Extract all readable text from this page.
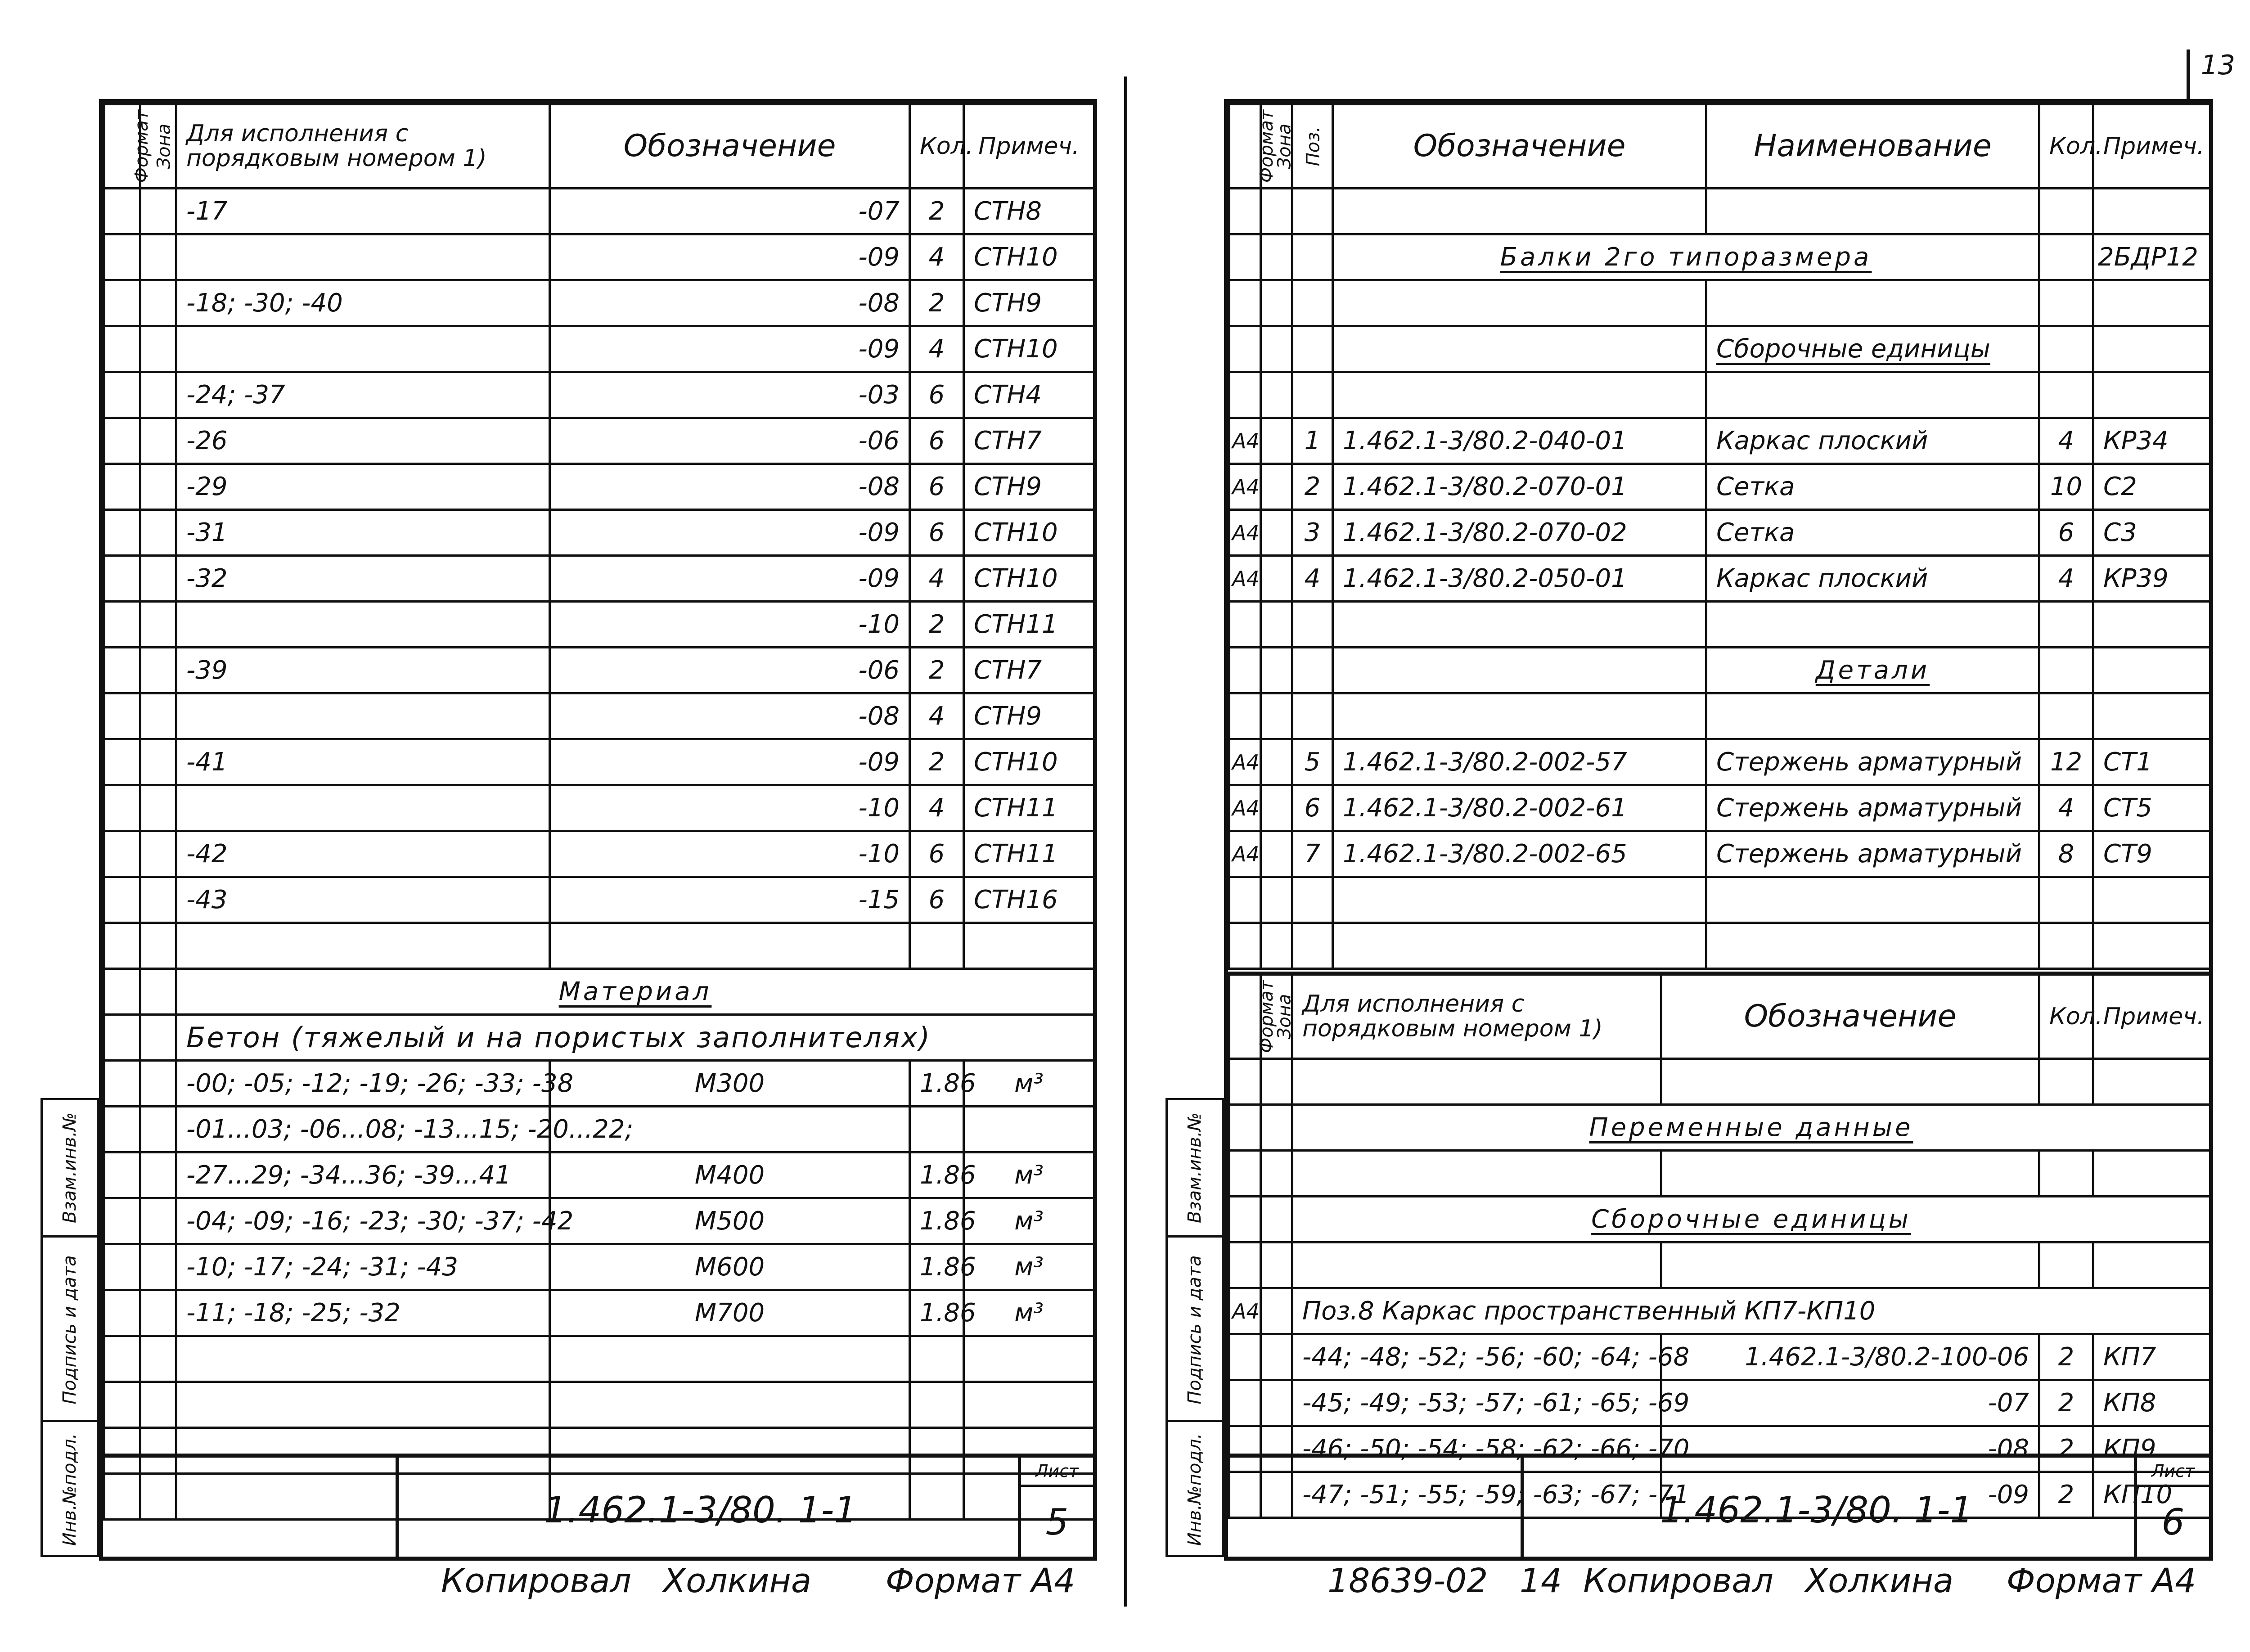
13
Формат	Зона	Для исполнения с порядковым номером 1)	Обозначение	Кол.	Примеч.
		-17	-07	2	СТН8
			-09	4	СТН10
		-18; -30; -40	-08	2	СТН9
			-09	4	СТН10
		-24; -37	-03	6	СТН4
		-26	-06	6	СТН7
		-29	-08	6	СТН9
		-31	-09	6	СТН10
		-32	-09	4	СТН10
			-10	2	СТН11
		-39	-06	2	СТН7
			-08	4	СТН9
		-41	-09	2	СТН10
			-10	4	СТН11
		-42	-10	6	СТН11
		-43	-15	6	СТН16

		Материал			
		Бетон (тяжелый и на пористых заполнителях)			
		-00; -05; -12; -19; -26; -33; -38	М300	1.86	м³
		-01...03; -06...08; -13...15; -20...22;			
		-27...29; -34...36; -39...41	М400	1.86	м³
		-04; -09; -16; -23; -30; -37; -42	М500	1.86	м³
		-10; -17; -24; -31; -43	М600	1.86	м³
		-11; -18; -25; -32	М700	1.86	м³

1.462.1-3/80. 1-1
Лист
5
Взам.инв.№
Подпись и дата
Инв.№подл.
Копировал Холкина Формат А4
Формат	Зона	Поз.	Обозначение	Наименование	Кол.	Примеч.

			Балки 2го типоразмера			2БДР12

				Сборочные единицы		

А4		1	1.462.1-3/80.2-040-01	Каркас плоский	4	КР34
А4		2	1.462.1-3/80.2-070-01	Сетка	10	С2
А4		3	1.462.1-3/80.2-070-02	Сетка	6	С3
А4		4	1.462.1-3/80.2-050-01	Каркас плоский	4	КР39

				Детали		

А4		5	1.462.1-3/80.2-002-57	Стержень арматурный	12	СТ1
А4		6	1.462.1-3/80.2-002-61	Стержень арматурный	4	СТ5
А4		7	1.462.1-3/80.2-002-65	Стержень арматурный	8	СТ9

Формат	Зона	Для исполнения с порядковым номером 1)	Обозначение	Кол.	Примеч.

		Переменные данные			

		Сборочные единицы			

А4		Поз.8 Каркас пространственный КП7-КП10			
		-44; -48; -52; -56; -60; -64; -68	1.462.1-3/80.2-100-06	2	КП7
		-45; -49; -53; -57; -61; -65; -69	-07	2	КП8
		-46; -50; -54; -58; -62; -66; -70	-08	2	КП9
		-47; -51; -55; -59; -63; -67; -71	-09	2	КП10
1.462.1-3/80. 1-1
Лист
6
Взам.инв.№
Подпись и дата
Инв.№подл.
18639-02 14 Копировал Холкина Формат А4
